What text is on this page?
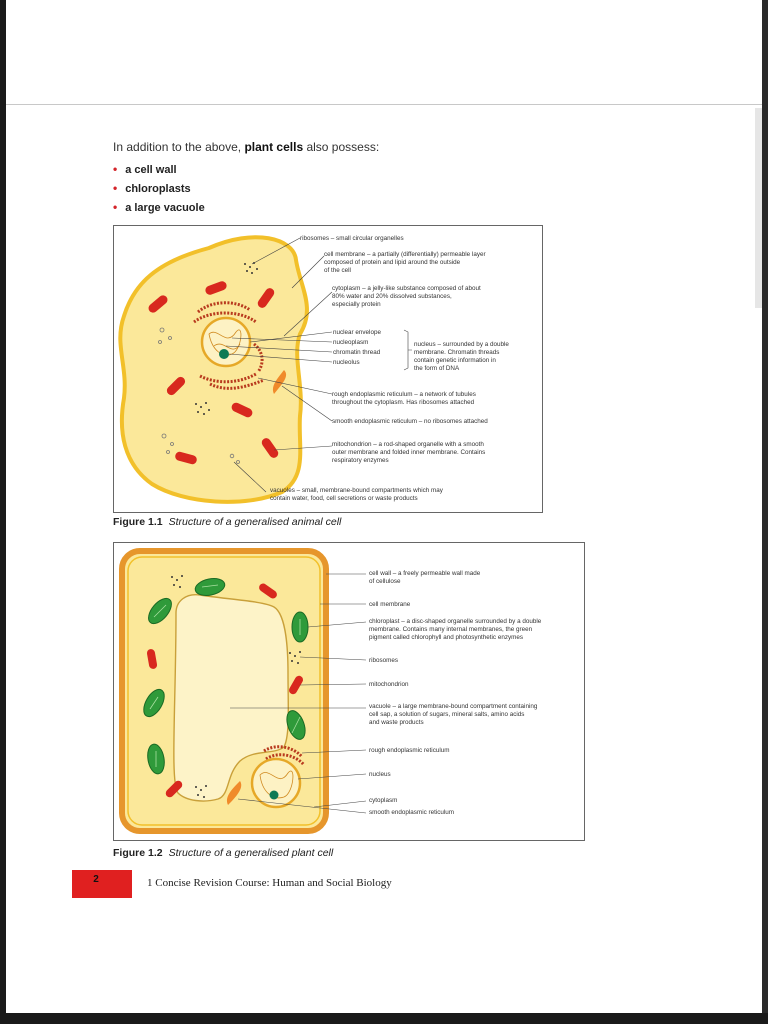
In addition to the above, plant cells also possess:
• a cell wall
• chloroplasts
• a large vacuole
ribosomes – small circular organelles
cell membrane – a partially (differentially) permeable layer
composed of protein and lipid around the outside
of the cell
cytoplasm – a jelly-like substance composed of about
80% water and 20% dissolved substances,
especially protein
nuclear envelope
nucleoplasm
chromatin thread
nucleolus
nucleus – surrounded by a double
membrane. Chromatin threads
contain genetic information in
the form of DNA
rough endoplasmic reticulum – a network of tubules
throughout the cytoplasm. Has ribosomes attached
smooth endoplasmic reticulum – no ribosomes attached
mitochondrion – a rod-shaped organelle with a smooth
outer membrane and folded inner membrane. Contains
respiratory enzymes
vacuoles – small, membrane-bound compartments which may
contain water, food, cell secretions or waste products
Figure 1.1 Structure of a generalised animal cell
cell wall – a freely permeable wall made
of cellulose
cell membrane
chloroplast – a disc-shaped organelle surrounded by a double
membrane. Contains many internal membranes, the green
pigment called chlorophyll and photosynthetic enzymes
ribosomes
mitochondrion
vacuole – a large membrane-bound compartment containing
cell sap, a solution of sugars, mineral salts, amino acids
and waste products
rough endoplasmic reticulum
nucleus
cytoplasm
smooth endoplasmic reticulum
Figure 1.2 Structure of a generalised plant cell
2	1 Concise Revision Course: Human and Social Biology
